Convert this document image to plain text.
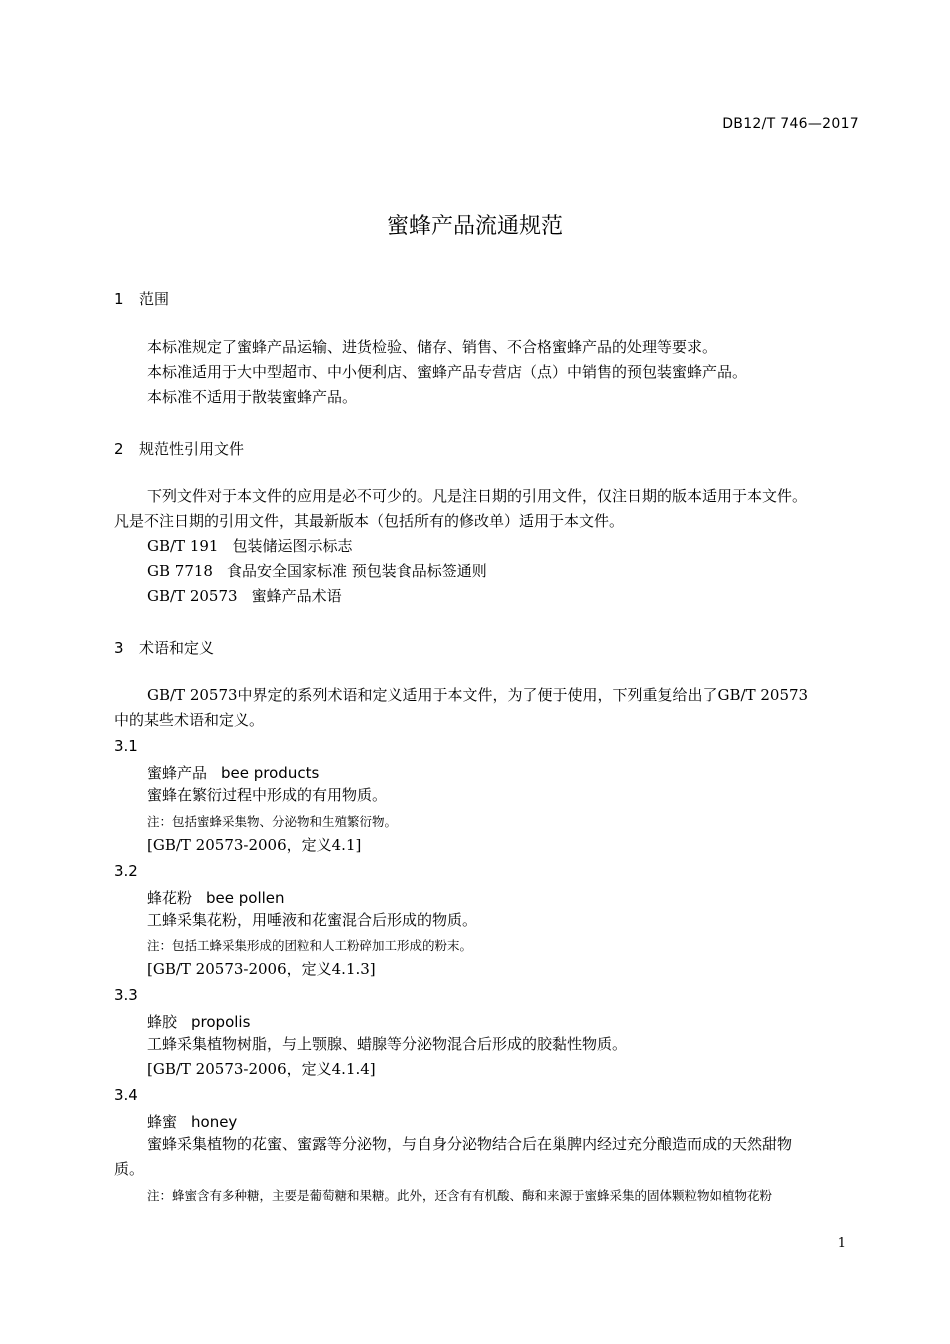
DB12/T 746—2017
蜜蜂产品流通规范
1 范围
本标准规定了蜜蜂产品运输、进货检验、储存、销售、不合格蜜蜂产品的处理等要求。
本标准适用于大中型超市、中小便利店、蜜蜂产品专营店（点）中销售的预包装蜜蜂产品。
本标准不适用于散装蜜蜂产品。
2 规范性引用文件
下列文件对于本文件的应用是必不可少的。凡是注日期的引用文件，仅注日期的版本适用于本文件。
凡是不注日期的引用文件，其最新版本（包括所有的修改单）适用于本文件。
GB/T 191 包装储运图示标志
GB 7718 食品安全国家标准 预包装食品标签通则
GB/T 20573 蜜蜂产品术语
3 术语和定义
GB/T 20573中界定的系列术语和定义适用于本文件，为了便于使用，下列重复给出了GB/T 20573
中的某些术语和定义。
3.1
蜜蜂产品 bee products
蜜蜂在繁衍过程中形成的有用物质。
注：包括蜜蜂采集物、分泌物和生殖繁衍物。
[GB/T 20573-2006，定义4.1]
3.2
蜂花粉 bee pollen
工蜂采集花粉，用唾液和花蜜混合后形成的物质。
注：包括工蜂采集形成的团粒和人工粉碎加工形成的粉末。
[GB/T 20573-2006，定义4.1.3]
3.3
蜂胶 propolis
工蜂采集植物树脂，与上颚腺、蜡腺等分泌物混合后形成的胶黏性物质。
[GB/T 20573-2006，定义4.1.4]
3.4
蜂蜜 honey
蜜蜂采集植物的花蜜、蜜露等分泌物，与自身分泌物结合后在巢脾内经过充分酿造而成的天然甜物
质。
注：蜂蜜含有多种糖，主要是葡萄糖和果糖。此外，还含有有机酸、酶和来源于蜜蜂采集的固体颗粒物如植物花粉
1
